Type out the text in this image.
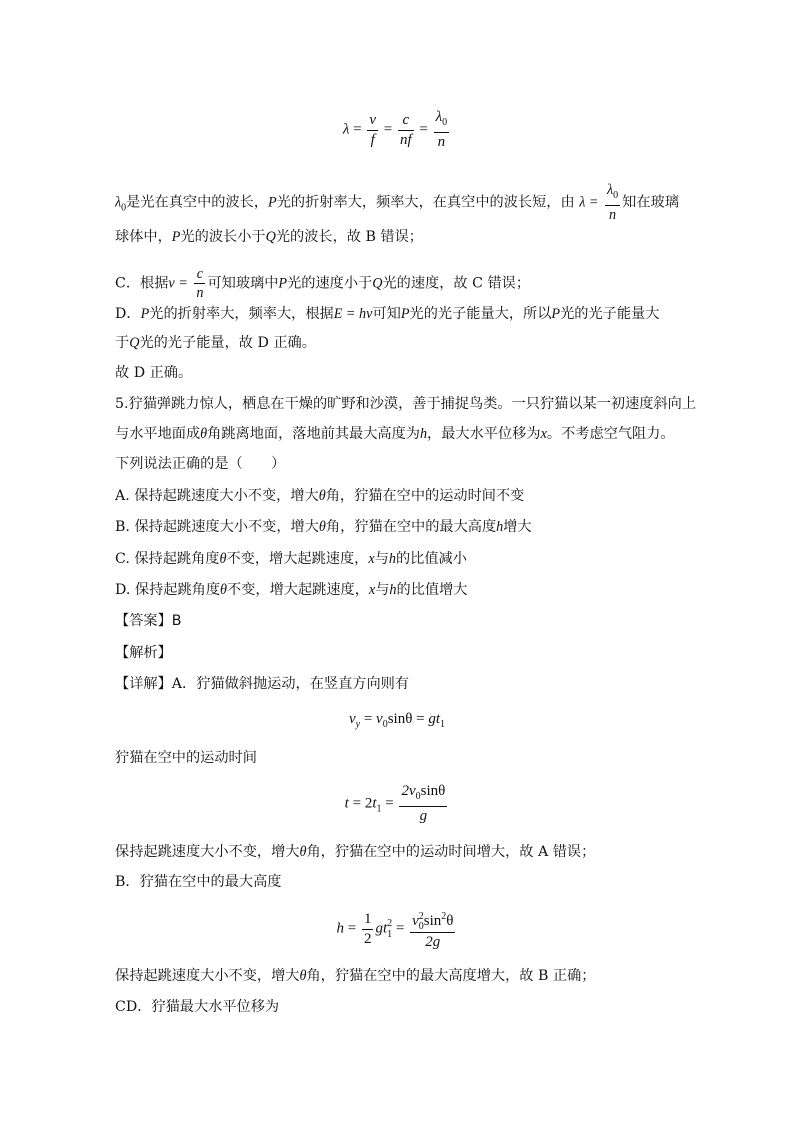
$\lambda = \frac{v}{f} = \frac{c}{nf} = \frac{\lambda_0}{n}$
$\lambda_0$是光在真空中的波长，P光的折射率大，频率大，在真空中的波长短，由 $\lambda = \frac{\lambda_0}{n}$ 知在玻璃
球体中，P光的波长小于Q光的波长，故 B 错误；
C．根据$v = \frac{c}{n}$ 可知玻璃中P光的速度小于Q光的速度，故 C 错误；
D．P光的折射率大，频率大，根据E = hν可知P光的光子能量大，所以P光的光子能量大
于Q光的光子能量，故 D 正确。
故 D 正确。
5.狞猫弹跳力惊人，栖息在干燥的旷野和沙漠，善于捕捉鸟类。一只狞猫以某一初速度斜向上
与水平地面成θ角跳离地面，落地前其最大高度为h，最大水平位移为x。不考虑空气阻力。
下列说法正确的是（　　）
A. 保持起跳速度大小不变，增大θ角，狞猫在空中的运动时间不变
B. 保持起跳速度大小不变，增大θ角，狞猫在空中的最大高度h增大
C. 保持起跳角度θ不变，增大起跳速度，x与h的比值减小
D. 保持起跳角度θ不变，增大起跳速度，x与h的比值增大
【答案】B
【解析】
【详解】A．狞猫做斜抛运动，在竖直方向则有
$v_y = v_0\sin\theta = gt_1$
狞猫在空中的运动时间
$t = 2t_1 = \frac{2v_0\sin\theta}{g}$
保持起跳速度大小不变，增大θ角，狞猫在空中的运动时间增大，故 A 错误；
B．狞猫在空中的最大高度
$h = \frac{1}{2}$ gt 2
1 = v 2
0 $\sin^2\theta$
2g
保持起跳速度大小不变，增大θ角，狞猫在空中的最大高度增大，故 B 正确；
CD．狞猫最大水平位移为
